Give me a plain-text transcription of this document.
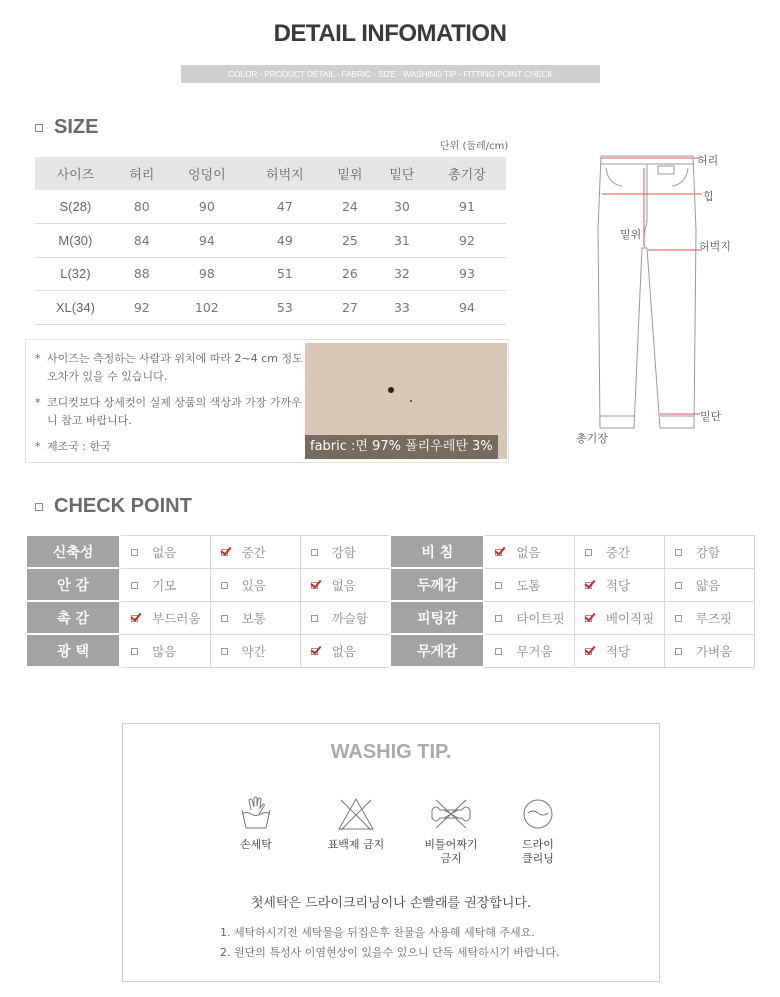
DETAIL INFOMATION
COLOR - PRODUCT DETAIL - FABRIC - SIZE - WASHING TIP - FITTING POINT CHECK
SIZE
단위 (둘레/cm)
사이즈	허리	엉덩이	허벅지	밑위	밑단	총기장
S(28)	80	90	47	24	30	91
M(30)	84	94	49	25	31	92
L(32)	88	98	51	26	32	93
XL(34)	92	102	53	27	33	94
* 사이즈는 측정하는 사람과 위치에 따라 2~4 cm 정도 오차가 있을 수 있습니다.
* 코디컷보다 상세컷이 실제 상품의 색상과 가장 가까우니 참고 바랍니다.
* 제조국 : 한국	fabric :면 97% 폴리우레탄 3%
허리
힙
밑위
허벅지
밑단
총기장
CHECK POINT
신축성	없음	중간	강함	비 침	없음	중간	강함

안 감	기모	있음	없음	두께감	도톰	적당	얇음

촉 감	부드러움	보통	까슬함	피팅감	타이트핏	베이직핏	루즈핏

광 택	많음	약간	없음	무게감	무거움	적당	가벼움
WASHIG TIP.
손세탁	표백제 금지	비틀어짜기
금지
드라이
클리닝
첫세탁은 드라이크리닝이나 손빨래를 권장합니다.
1. 세탁하시기전 세탁물을 뒤집은후 찬물을 사용해 세탁해 주세요.
2. 원단의 특성사 이염현상이 있을수 있으니 단독 세탁하시기 바랍니다.
